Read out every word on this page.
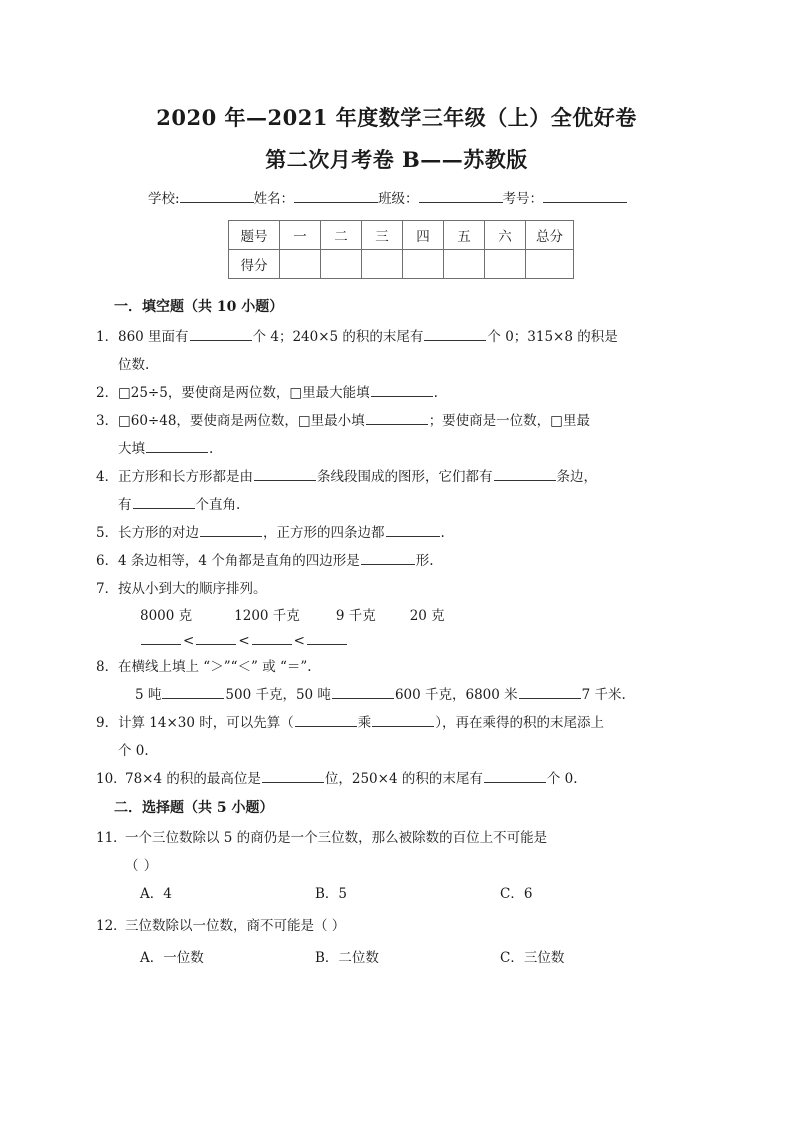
2020 年—2021 年度数学三年级（上）全优好卷
第二次月考卷 B——苏教版
学校:	姓名：	班级：	考号：
题号	一	二	三	四	五	六	总分
得分							
一．填空题（共 10 小题）
1．860 里面有	个 4；240×5 的积的末尾有	个 0；315×8 的积是
位数.
2．□25÷5，要使商是两位数，□里最大能填	.
3．□60÷48，要使商是两位数，□里最小填	；要使商是一位数，□里最
大填	.
4．正方形和长方形都是由	条线段围成的图形，它们都有	条边，
有	个直角.
5．长方形的对边	，正方形的四条边都	.
6．4 条边相等，4 个角都是直角的四边形是	形.
7．按从小到大的顺序排列。
8000 克	1200 千克	9 千克	20 克
<	<	<
8．在横线上填上 “＞”“＜” 或 “＝”.
5 吨	500 千克，50 吨	600 千克，6800 米	7 千米.
9．计算 14×30 时，可以先算（	乘	），再在乘得的积的末尾添上
个 0.
10．78×4 的积的最高位是	位，250×4 的积的末尾有	个 0.
二．选择题（共 5 小题）
11．一个三位数除以 5 的商仍是一个三位数，那么被除数的百位上不可能是
（ ）
A．4	B．5	C．6
12．三位数除以一位数，商不可能是（ ）
A．一位数	B．二位数	C．三位数
